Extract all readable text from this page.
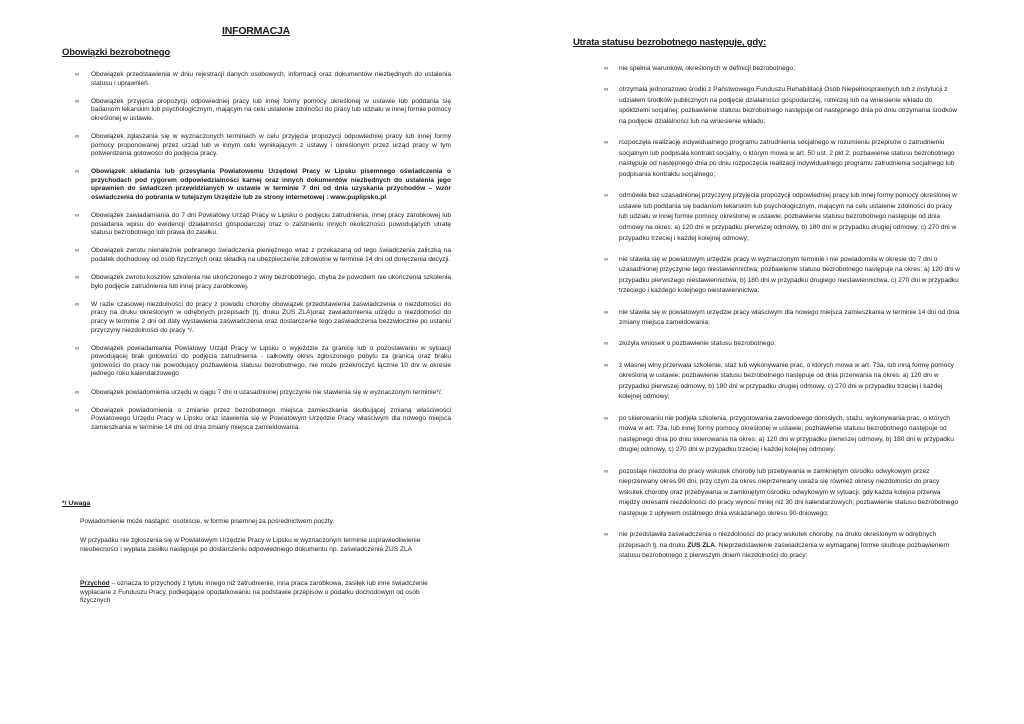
INFORMACJA
Obowiązki bezrobotnego
Utrata statusu bezrobotnego następuje, gdy:
∞ Obowiązek przedstawienia w dniu rejestracji danych osobowych, informacji oraz dokumentów niezbędnych do ustalenia statusu i uprawnień.
∞ Obowiązek przyjęcia propozycji odpowiedniej pracy lub innej formy pomocy określonej w ustawie lub poddania się badaniom lekarskim lub psychologicznym, mającym na celu ustalenie zdolności do pracy lub udziału w innej formie pomocy określonej w ustawie.
∞ Obowiązek zgłaszania się w wyznaczonych terminach w celu przyjęcia propozycji odpowiedniej pracy lub innej formy pomocy proponowanej przez urząd lub w innym celu wynikającym z ustawy i określonym przez urząd pracy w tym potwierdzenia gotowości do podjęcia pracy.
∞ Obowiązek składania lub przesyłania Powiatowemu Urzędowi Pracy w Lipsku pisemnego oświadczenia o przychodach pod rygorem odpowiedzialności karnej oraz innych dokumentów niezbędnych do ustalenia jego uprawnień do świadczeń przewidzianych w ustawie w terminie 7 dni od dnia uzyskania przychodów – wzór oświadczenia do pobrania w tutejszym Urzędzie lub ze strony internetowej : www.puplipsko.pl
∞ Obowiązek zawiadamiania do 7 dni Powiatowy Urząd Pracy w Lipsku o podjęciu zatrudnienia, innej pracy zarobkowej lub posiadania wpisu do ewidencji działalności gospodarczej oraz o zaistnieniu innych okoliczności powodujących utratę statusu bezrobotnego lub prawa do zasiłku.
∞ Obowiązek zwrotu nienależnie pobranego świadczenia pieniężnego wraz z przekazaną od tego świadczenia zaliczką na podatek dochodowy od osób fizycznych oraz składką na ubezpieczenie zdrowotne w terminie 14 dni od doręczenia decyzji.
∞ Obowiązek zwrotu kosztów szkolenia nie ukończonego z winy bezrobotnego, chyba że powodem nie ukończenia szkolenia było podjęcie zatrudnienia lub innej pracy zarobkowej.
∞ W razie czasowej niezdolności do pracy z powodu choroby obowiązek przedstawienia zaświadczenia o niezdolności do pracy na druku określonym w odrębnych przepisach (tj. druku ZUS ZLA)oraz zawiadomienia urzędu o niezdolności do pracy w terminie 2 dni od daty wystawienia zaświadczenia oraz dostarczenie tego zaświadczenia bezzwłocznie po ustaniu przyczyny niezdolności do pracy */.
∞ Obowiązek powiadamiania Powiatowy Urząd Pracy w Lipsku o wyjeździe za granicę lub o pozostawaniu w sytuacji powodującej brak gotowości do podjęcia zatrudnienia - całkowity okres zgłoszonego pobytu za granicą oraz braku gotowości do pracy nie powodujący pozbawienia statusu bezrobotnego, nie może przekroczyć łącznie 10 dni w okresie jednego roku kalendarzowego
∞ Obowiązek powiadomienia urzędu w ciągu 7 dni o uzasadnionej przyczynie nie stawienia się w wyznaczonym terminie*/.
∞ Obowiązek powiadomienia o zmianie przez bezrobotnego miejsca zamieszkania skutkującej zmianą właściwości Powiatowego Urzędu Pracy w Lipsku oraz stawienia się w Powiatowym Urzędzie Pracy właściwym dla nowego miejsca zamieszkania w terminie 14 dni od dnia zmiany miejsca zamieldowania.
*/ Uwaga
Powiadomienie może nastąpić: osobiście, w formie pisemnej za pośrednictwem poczty.
W przypadku nie zgłoszenia się w Powiatowym Urzędzie Pracy w Lipsku w wyznaczonym terminie usprawiedliwienie nieobecności i wypłata zasiłku następuje po dostarczeniu odpowiedniego dokumentu np. zaświadczenie ZUS ZLA
Przychód – oznacza to przychody z tytułu innego niż zatrudnienie, inna praca zarobkowa, zasiłek lub inne świadczenie wypłacane z Funduszu Pracy, podlegające opodatkowaniu na podstawie przepisów o podatku dochodowym od osób fizycznych
∞ nie spełnia warunków, określonych w definicji bezrobotnego;
∞ otrzymała jednorazowo środki z Państwowego Funduszu Rehabilitacji Osób Niepełnosprawnych lub z instytucji z udziałem środków publicznych na podjęcie działalności gospodarczej, rolniczej lub na wniesienie wkładu do spółdzielni socjalnej; pozbawienie statusu bezrobotnego następuje od następnego dnia po dniu otrzymania środków na podjęcie działalności lub na wniesienie wkładu;
∞ rozpoczęła realizację indywidualnego programu zatrudnienia socjalnego w rozumieniu przepisów o zatrudnieniu socjalnym lub podpisała kontrakt socjalny, o którym mowa w art. 50 ust. 2 pkt 2; pozbawienie statusu bezrobotnego następuje od następnego dnia po dniu rozpoczęcia realizacji indywidualnego programu zatrudnienia socjalnego lub podpisania kontraktu socjalnego;
∞ odmówiła bez uzasadnionej przyczyny przyjęcia propozycji odpowiedniej pracy lub innej formy pomocy określonej w ustawie lub poddania się badaniom lekarskim lub psychologicznym, mającym na celu ustalenie zdolności do pracy lub udziału w innej formie pomocy określonej w ustawie; pozbawienie statusu bezrobotnego następuje od dnia odmowy na okres: a) 120 dni w przypadku pierwszej odmowy, b) 180 dni w przypadku drugiej odmowy, c) 270 dni w przypadku trzeciej i każdej kolejnej odmowy;
∞ nie stawiła się w powiatowym urzędzie pracy w wyznaczonym terminie i nie powiadomiła w okresie do 7 dni o uzasadnionej przyczynie tego niestawiennictwa; pozbawienie statusu bezrobotnego następuje na okres: a) 120 dni w przypadku pierwszego niestawiennictwa, b) 180 dni w przypadku drugiego niestawiennictwa, c) 270 dni w przypadku trzeciego i każdego kolejnego niestawiennictwa;
∞ nie stawiła się w powiatowym urzędzie pracy właściwym dla nowego miejsca zamieszkania w terminie 14 dni od dnia zmiany miejsca zameldowania;
∞ złożyła wniosek o pozbawienie statusu bezrobotnego;
∞ z własnej winy przerwała szkolenie, staż lub wykonywanie prac, o których mowa w art. 73a, lub inną formę pomocy określoną w ustawie; pozbawienie statusu bezrobotnego następuje od dnia przerwania na okres: a) 120 dni w przypadku pierwszej odmowy, b) 180 dni w przypadku drugiej odmowy, c) 270 dni w przypadku trzeciej i każdej kolejnej odmowy;
∞ po skierowaniu nie podjęła szkolenia, przygotowania zawodowego dorosłych, stażu, wykonywania prac, o których mowa w art. 73a, lub innej formy pomocy określonej w ustawie; pozbawienie statusu bezrobotnego następuje od następnego dnia po dniu skierowania na okres: a) 120 dni w przypadku pierwszej odmowy, b) 180 dni w przypadku drugiej odmowy, c) 270 dni w przypadku trzeciej i każdej kolejnej odmowy;
∞ pozostaje niezdolna do pracy wskutek choroby lub przebywania w zamkniętym ośrodku odwykowym przez nieprzerwany okres 90 dni, przy czym za okres nieprzerwany uważa się również okresy niezdolności do pracy wskutek choroby oraz przebywania w zamkniętym ośrodku odwykowym w sytuacji, gdy każda kolejna przerwa między okresami niezdolności do pracy wynosi mniej niż 30 dni kalendarzowych; pozbawienie statusu bezrobotnego następuje z upływem ostatniego dnia wskazanego okresu 90-dniowego;
∞ nie przedstawiła zaświadczenia o niezdolności do pracy wskutek choroby, na druku określonym w odrębnych przepisach tj. na druku ZUS ZLA. Nieprzedstawienie zaświadczenia w wymaganej formie skutkuje pozbawieniem statusu bezrobotnego z pierwszym dniem niezdolności do pracy;
